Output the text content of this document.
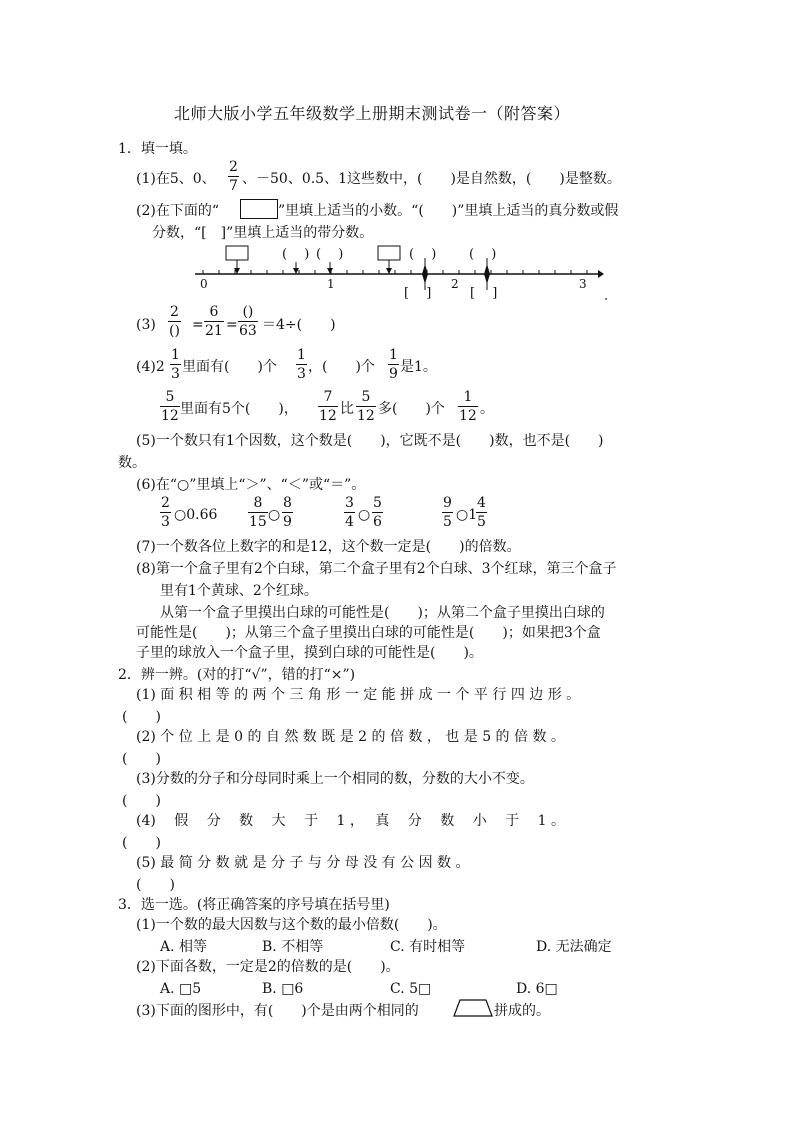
北师大版小学五年级数学上册期末测试卷一（附答案）
1．填一填。
(1)在5、0、
2
7 、－50、0.5、1这些数中，(　　)是自然数，(　　)是整数。
(2)在下面的“	”里填上适当的小数。“(　　)”里填上适当的真分数或假
分数，“[　]”里填上适当的带分数。
0	1	2	3
( 　) ( 　)	( 　)	( 　)
[ 　]	[ 　]
(3)
2
() =
6
21 =
()
63 ＝4÷(　　)
(4)2
1
3 里面有(　　)个
1
3 ，(　　)个
1
9 是1。
5
12 里面有5个(　　)，
7
12 比
5
12 多(　　)个
1
12 。
(5)一个数只有1个因数，这个数是(　　)，它既不是(　　)数，也不是(　　)
数。
(6)在“○”里填上“＞”、“＜”或“＝”。
2
3 ○0.66
8
15 ○
8
9
3
4 ○
5
6
9
5 ○1
4
5
(7)一个数各位上数字的和是12，这个数一定是(　　)的倍数。
(8)第一个盒子里有2个白球，第二个盒子里有2个白球、3个红球，第三个盒子
里有1个黄球、2个红球。
从第一个盒子里摸出白球的可能性是(　　)；从第二个盒子里摸出白球的
可能性是(　　)；从第三个盒子里摸出白球的可能性是(　　)；如果把3个盒
子里的球放入一个盒子里，摸到白球的可能性是(　　)。
2．辨一辨。(对的打“√”，错的打“×”)
(1) 面 积 相 等 的 两 个 三 角 形 一 定 能 拼 成 一 个 平 行 四 边 形 。
(　　)
(2) 个 位 上 是 0 的 自 然 数 既 是 2 的 倍 数 ， 也 是 5 的 倍 数 。
(　　)
(3)分数的分子和分母同时乘上一个相同的数，分数的大小不变。
(　　)
(4)　 假　 分　 数　 大　 于　 1 ，　 真　 分　 数　 小　 于　 1 。
(　　)
(5) 最 简 分 数 就 是 分 子 与 分 母 没 有 公 因 数 。
(　　)
3．选一选。(将正确答案的序号填在括号里)
(1)一个数的最大因数与这个数的最小倍数(　　)。
A. 相等	B. 不相等	C. 有时相等	D. 无法确定
(2)下面各数，一定是2的倍数的是(　　)。
A. □5	B. □6	C. 5□	D. 6□
(3)下面的图形中，有(　　)个是由两个相同的	拼成的。
